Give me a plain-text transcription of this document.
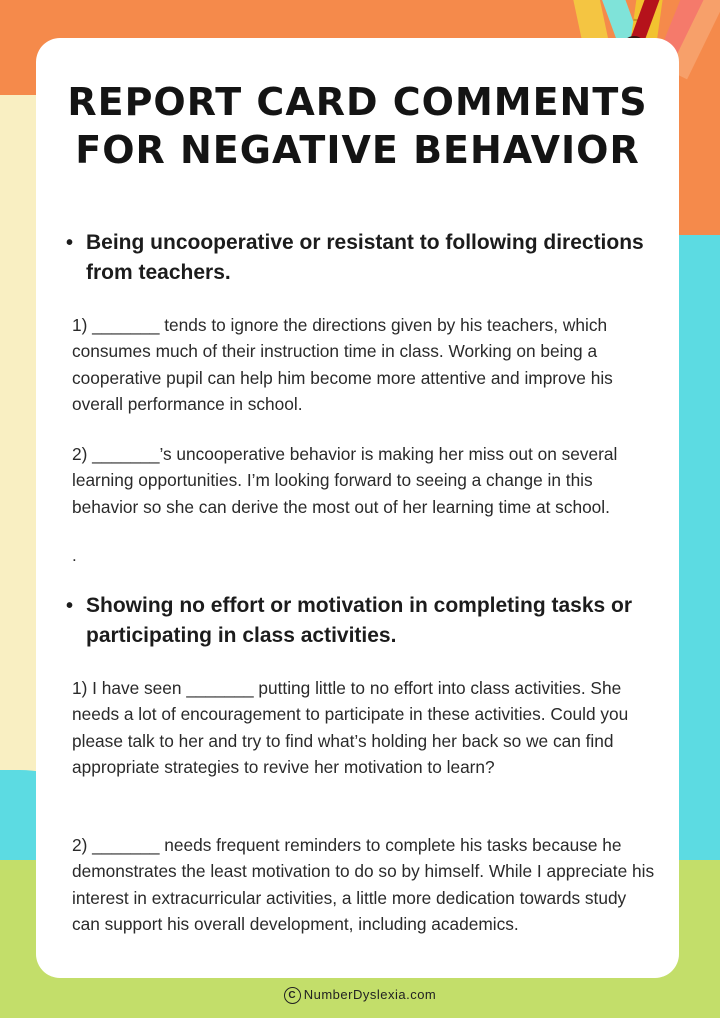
REPORT CARD COMMENTS
FOR NEGATIVE BEHAVIOR
• Being uncooperative or resistant to following directions from teachers.

1) _______ tends to ignore the directions given by his teachers, which consumes much of their instruction time in class. Working on being a cooperative pupil can help him become more attentive and improve his overall performance in school.

2) _______’s uncooperative behavior is making her miss out on several learning opportunities. I’m looking forward to seeing a change in this behavior so she can derive the most out of her learning time at school.

.
• Showing no effort or motivation in completing tasks or participating in class activities.

1) I have seen _______ putting little to no effort into class activities. She needs a lot of encouragement to participate in these activities. Could you please talk to her and try to find what’s holding her back so we can find appropriate strategies to revive her motivation to learn?

2) _______ needs frequent reminders to complete his tasks because he demonstrates the least motivation to do so by himself. While I appreciate his interest in extracurricular activities, a little more dedication towards study can support his overall development, including academics.

C NumberDyslexia.com
